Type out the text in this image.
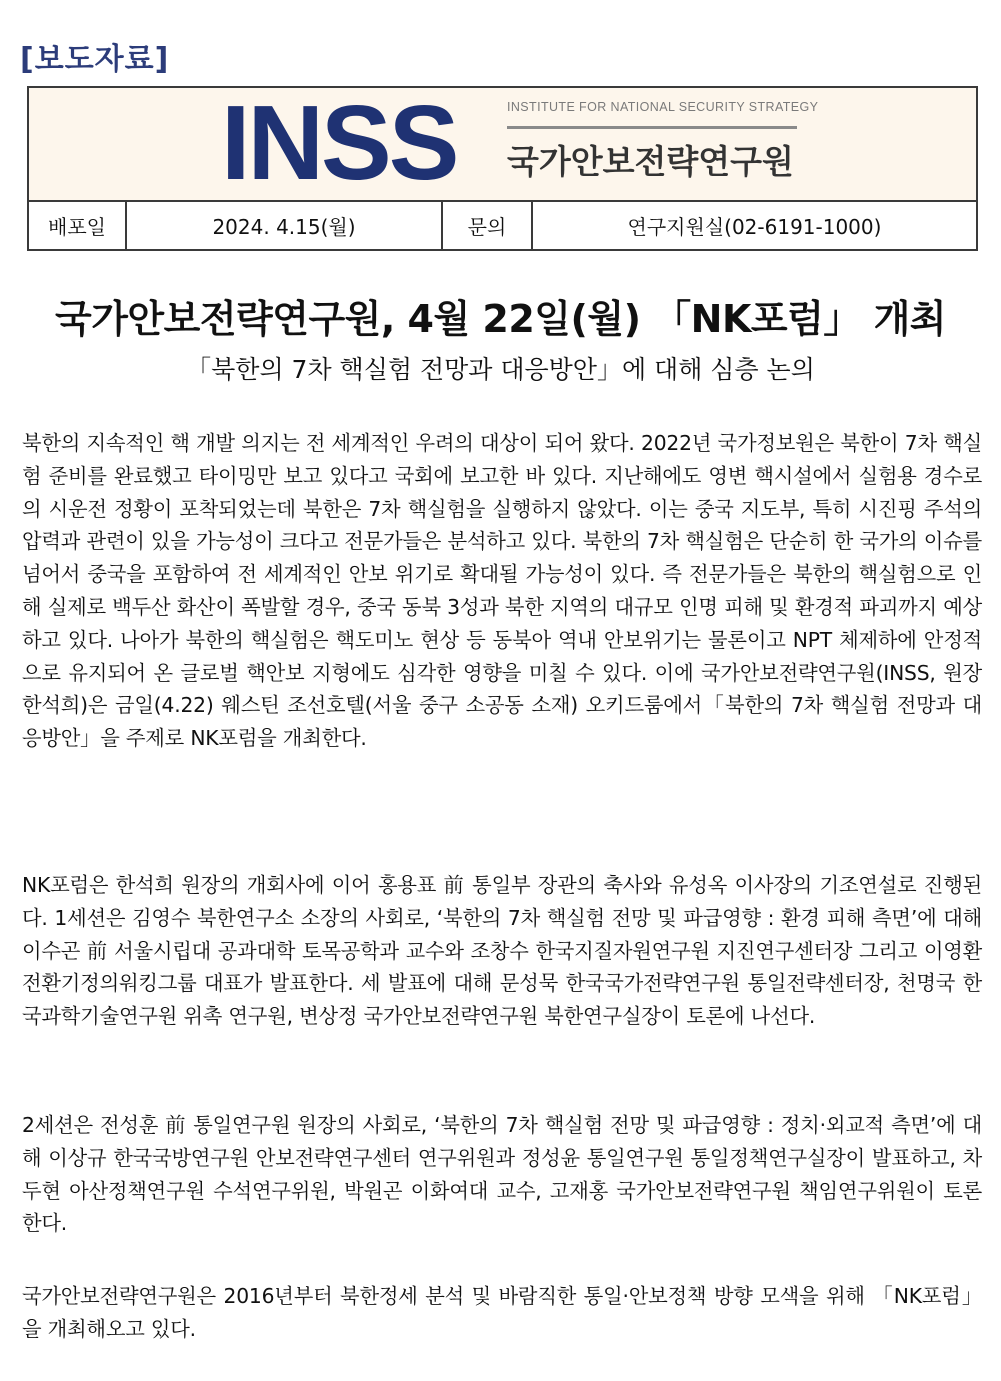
[보도자료]
INSS	INSTITUTE FOR NATIONAL SECURITY STRATEGY
국가안보전략연구원
배포일	2024. 4.15(월)	문의	연구지원실(02-6191-1000)
국가안보전략연구원, 4월 22일(월) 「NK포럼」 개최
「북한의 7차 핵실험 전망과 대응방안」에 대해 심층 논의
북한의 지속적인 핵 개발 의지는 전 세계적인 우려의 대상이 되어 왔다. 2022년 국가정보원은 북한이 7차 핵실험 준비를 완료했고 타이밍만 보고 있다고 국회에 보고한 바 있다. 지난해에도 영변 핵시설에서 실험용 경수로의 시운전 정황이 포착되었는데 북한은 7차 핵실험을 실행하지 않았다. 이는 중국 지도부, 특히 시진핑 주석의 압력과 관련이 있을 가능성이 크다고 전문가들은 분석하고 있다. 북한의 7차 핵실험은 단순히 한 국가의 이슈를 넘어서 중국을 포함하여 전 세계적인 안보 위기로 확대될 가능성이 있다. 즉 전문가들은 북한의 핵실험으로 인해 실제로 백두산 화산이 폭발할 경우, 중국 동북 3성과 북한 지역의 대규모 인명 피해 및 환경적 파괴까지 예상하고 있다. 나아가 북한의 핵실험은 핵도미노 현상 등 동북아 역내 안보위기는 물론이고 NPT 체제하에 안정적으로 유지되어 온 글로벌 핵안보 지형에도 심각한 영향을 미칠 수 있다. 이에 국가안보전략연구원(INSS, 원장 한석희)은 금일(4.22) 웨스틴 조선호텔(서울 중구 소공동 소재) 오키드룸에서「북한의 7차 핵실험 전망과 대응방안」을 주제로 NK포럼을 개최한다.
NK포럼은 한석희 원장의 개회사에 이어 홍용표 前 통일부 장관의 축사와 유성옥 이사장의 기조연설로 진행된다. 1세션은 김영수 북한연구소 소장의 사회로, ‘북한의 7차 핵실험 전망 및 파급영향 : 환경 피해 측면’에 대해 이수곤 前 서울시립대 공과대학 토목공학과 교수와 조창수 한국지질자원연구원 지진연구센터장 그리고 이영환 전환기정의워킹그룹 대표가 발표한다. 세 발표에 대해 문성묵 한국국가전략연구원 통일전략센터장, 천명국 한국과학기술연구원 위촉 연구원, 변상정 국가안보전략연구원 북한연구실장이 토론에 나선다.
2세션은 전성훈 前 통일연구원 원장의 사회로, ‘북한의 7차 핵실험 전망 및 파급영향 : 정치·외교적 측면’에 대해 이상규 한국국방연구원 안보전략연구센터 연구위원과 정성윤 통일연구원 통일정책연구실장이 발표하고, 차두현 아산정책연구원 수석연구위원, 박원곤 이화여대 교수, 고재홍 국가안보전략연구원 책임연구위원이 토론한다.
국가안보전략연구원은 2016년부터 북한정세 분석 및 바람직한 통일·안보정책 방향 모색을 위해 「NK포럼」을 개최해오고 있다.
